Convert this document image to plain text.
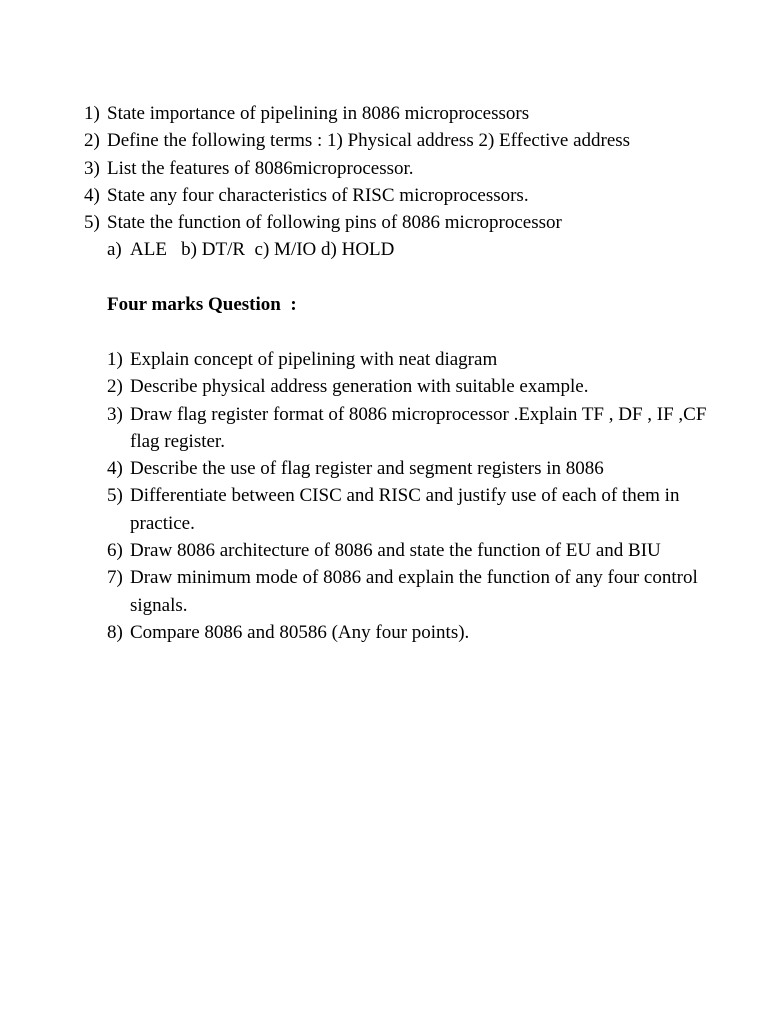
1) State importance of pipelining in 8086 microprocessors
2) Define the following terms : 1) Physical address 2) Effective address
3) List the features of 8086microprocessor.
4) State any four characteristics of RISC microprocessors.
5) State the function of following pins of 8086 microprocessor
a) ALE   b) DT/R  c) M/IO d) HOLD
Four marks Question  :
1) Explain concept of pipelining with neat diagram
2) Describe physical address generation with suitable example.
3) Draw flag register format of 8086 microprocessor .Explain TF , DF , IF ,CF flag register.
4) Describe the use of flag register and segment registers in 8086
5) Differentiate between CISC and RISC and justify use of each of them in practice.
6) Draw 8086 architecture of 8086 and state the function of EU and BIU
7) Draw minimum mode of 8086 and explain the function of any four control signals.
8) Compare 8086 and 80586 (Any four points).
